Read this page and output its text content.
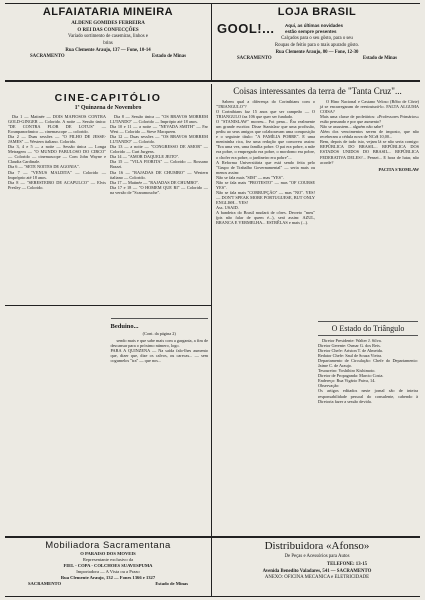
ALFAIATARIA MINEIRA
ALDENE GOMIDES FERREIRA
O REI DAS CONFECÇÕES
Variado sortimento de casemiras, linhos e
brins
Rua Clemente Araujo, 137 — Fone, 10-14
SACRAMENTO	Estado de Minas
LOJA BRASIL
GOOL!...	Aqui, as últimas novidades
estão sempre presentes
Calçados para o seu gôsto, para o seu
Roupas de feitio para o mais apurado gôsto.
Rua Clemente Araujo, 80 — Fone, 12-30
SACRAMENTO	Estado de Minas
CINE-CAPITÓLIO
1ª Quinzena de Novembro
Dia 1 — Matinée — DOIS MAFIOSOS CONTRA GOLD-GINGER — Colorido. A noite — Sessão única: "DE CONTRA FLOR DE LOTUS" — Ecranpanorâmico — cinemascope — colorido.
Dia 2 — Duas sessões — "O FILHO DE JESSE-JAMES" — Western italiano. Colorido.
Dia 3, 4 e 5 — a noite — Sessão única — Longa Metragem — "O MUNDO FABULOSO DO CIRCO" — Colorido — cinemascope — Com John Wayne e Claudia Cardinale.
Dia 6 — "SETE NOITES DE AGONIA".
Dia 7 — "VENUS MALDITA" — Colorido — Impróprio até 18 anos.
Dia 8 — "SERESTEIRO DE ACAPULCO" — Elvis Presley — Colorido.
Dia 8 — Sessão única — "OS BRAVOS MORREM LUTANDO" — Colorido — Imprópio até 18 anos.
Dia 10 e 11 — a noite — "NEVADA SMITH" — Far West — Colorido — Steve Macqueen.
Dia 12 — Duas sessões — "OS BRAVOS MORREM LUTANDO" — Colorido.
Dia 13 — a noite — "CONGRESSO DE AMOR" — Colorido — Curt Jurgens.
Dia 14 — "AMOR DAQUELE JEITO".
Dia 15 — "VILA FIORITA" — Colorido — Rossano Brazzi.
Dia 16 — "RAJADAS DE CHUMBO" — Western italiano — Colorido.
Dia 17 — Matinée — "RAJADAS DE CHUMBO".
Dia 17 e 18 — "O HOMEM QUE RI" — Colorido — na versão de "Scaramouche".
Coisas interessantes da terra de "Tanta Cruz"...
Sabem qual a diferença do Corinthians com o "TRIANGULO"?
O Corinthians faz 15 anos que ser campeão — O TRIANGULO faz 106 que quer ser fundado.
O "STANISLAW" morreu... Foi pena... Êra realmente um grande escritor. Disse Stanislaw que uma profissão, pediu ao seus amigos que colaboravam uma composição e o seguinte título: "A FAMÍLIA POBRE". E uma menininha rica, fez uma redação que comoveu assim: "Era uma vez, uma família pobre. O pai era pobre, a mãe era pobre, o empregado era pobre, o mordomo era pobre, o chofer era pobre, o jardineiro era pobre"...
A Reforma Universitária que está sendo feita pelo "Grupo de Trabalho Governamental" — seria mais ou menos assim:
Não se fala mais "SIM" — mas "YES".
Não se fala mais "PROTESTO" — mas "OF COURSE YES".
Não se fala mais "CORRUPÇÃO" — mas "NO". YES! — DON'T SPEAK MORE PORTUGUESE, BUT ONLY ENGLISH... YES!
Ass. USAID.
A bandeira do Brasil mudará de côres. Decreto "meu" (pis não falar de quem é...), será assim: AZUL, BRANCA E VERMELHA... ESTRÊLAS e mais (...).
O Hino Nacional e Castano Veloso (Bôbo de Côrte) já se encarregaram de reestruturá-lo. FALTA ALGUMA COISA?
Mais uma classe de proletários: «Professores Primários» estão pensando e por que aumento?
Não se assustem... alguém não sabe?
Além dos vencimentos serem de imposto, que não receberam a cédula nova de NCr$ 10,00...
Bem, depois de tudo isto, vejam lá se não seria comigo: REPÚBLICA DO BRASIL... REPÚBLICA DOS ESTADOS UNIDOS DO BRASIL... REPÚBLICA FEDERATIVA DELES?... Pensei... E hora de lutar, não acorde?
PACITA S'ROMLAW
O Estado do Triângulo
Diretor Presidente: Walter J. Silva.
Diretor Gerente: Osmar G. dos Reis.
Diretor Chefe: Ariston T. de Almeida.
Redator Chefe: Saul de Souza Vieira.
Departamento de Circulação: Chefe do Departamento: Jaime C. de Araujo.
Tesoureiro: Yoshihiro Kishimoto.
Diretor de Propaganda: Marcio Costa.
Endereço: Rua Vigário Paiva, 14.
Observação:
Os artigos editados neste jornal são de inteira responsabilidade pessoal do consulente, cabendo à Diretoria fazer a sessão devida.
Beduino...
(Cont. da página 2)
sendo mais e que sabe mais com a garganta, a fim de descansar para o próximo número, logo.
PARA A QUINZENA — Na saída falo-lhes aumento que, dizer que, dize os calvos, ou carecas... — sem cogumelos "tra" — que nos...
Mobiliadora Sacramentana
O PARAISO DOS MOVEIS
Representante exclusivo da
FIEL - COPA - COLCHOES SUAVESPUMA
Importadora — A Vista ou a Prazo
Rua Clemente Araujo, 132 — Fones 1366 e 1327
SACRAMENTO	Estado de Minas
Distribuidora «Afonso»
De Peças e Acessórios para Autos
TELEFONE: 13-15
Avenida Benedito Valadares, 541 — SACRAMENTO
ANEXO: OFICINA MECANICA e ELETRICIDADE
